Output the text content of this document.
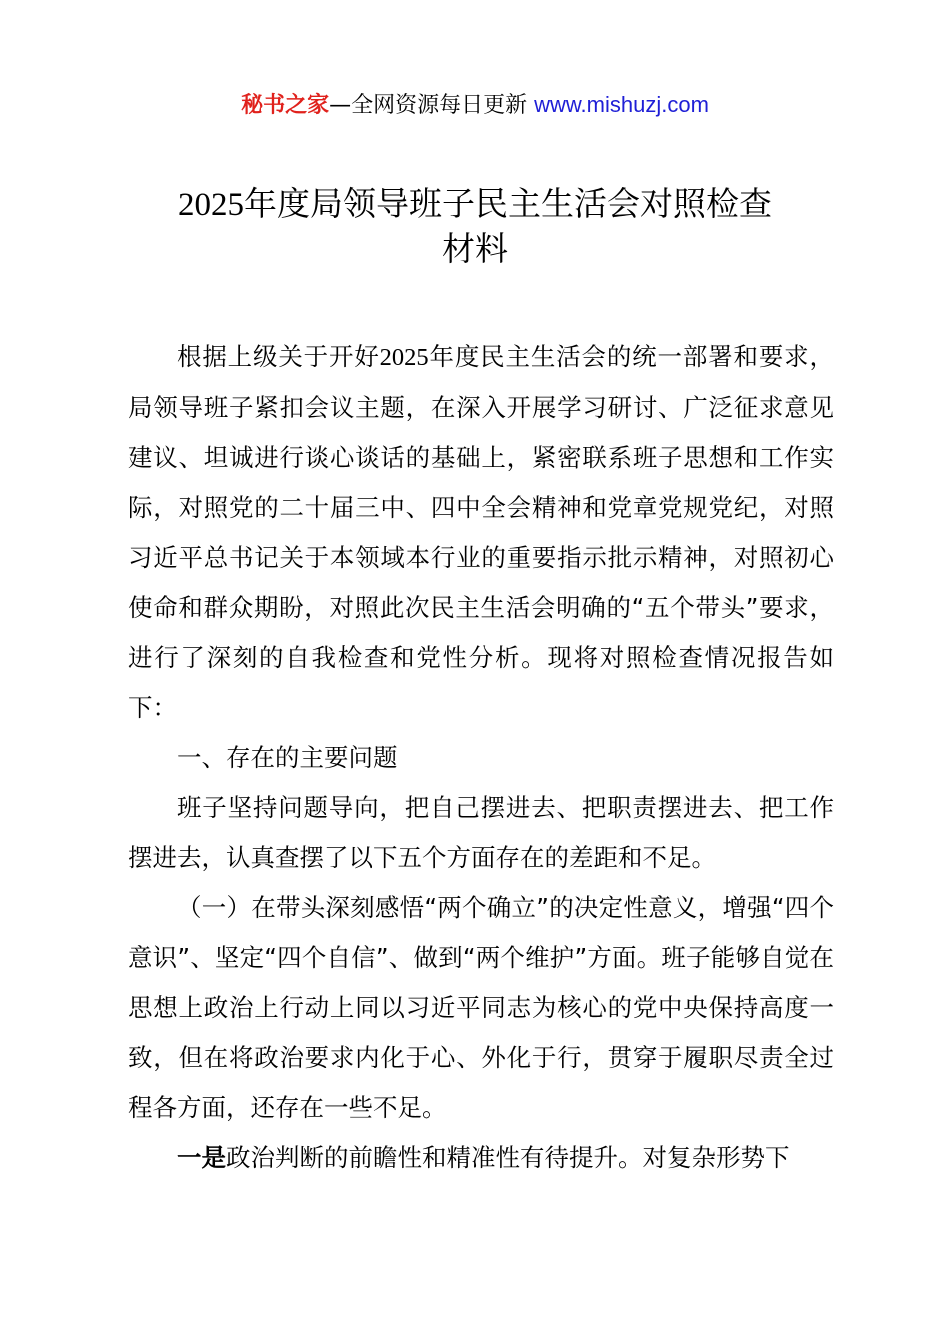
秘书之家—全网资源每日更新 www.mishuzj.com
2025年度局领导班子民主生活会对照检查
材料

根据上级关于开好2025年度民主生活会的统一部署和要求，局领导班子紧扣会议主题，在深入开展学习研讨、广泛征求意见建议、坦诚进行谈心谈话的基础上，紧密联系班子思想和工作实际，对照党的二十届三中、四中全会精神和党章党规党纪，对照习近平总书记关于本领域本行业的重要指示批示精神，对照初心使命和群众期盼，对照此次民主生活会明确的“五个带头”要求，进行了深刻的自我检查和党性分析。现将对照检查情况报告如下：

一、存在的主要问题

班子坚持问题导向，把自己摆进去、把职责摆进去、把工作摆进去，认真查摆了以下五个方面存在的差距和不足。

（一）在带头深刻感悟“两个确立”的决定性意义，增强“四个意识”、坚定“四个自信”、做到“两个维护”方面。班子能够自觉在思想上政治上行动上同以习近平同志为核心的党中央保持高度一致，但在将政治要求内化于心、外化于行，贯穿于履职尽责全过程各方面，还存在一些不足。

一是政治判断的前瞻性和精准性有待提升。对复杂形势下
